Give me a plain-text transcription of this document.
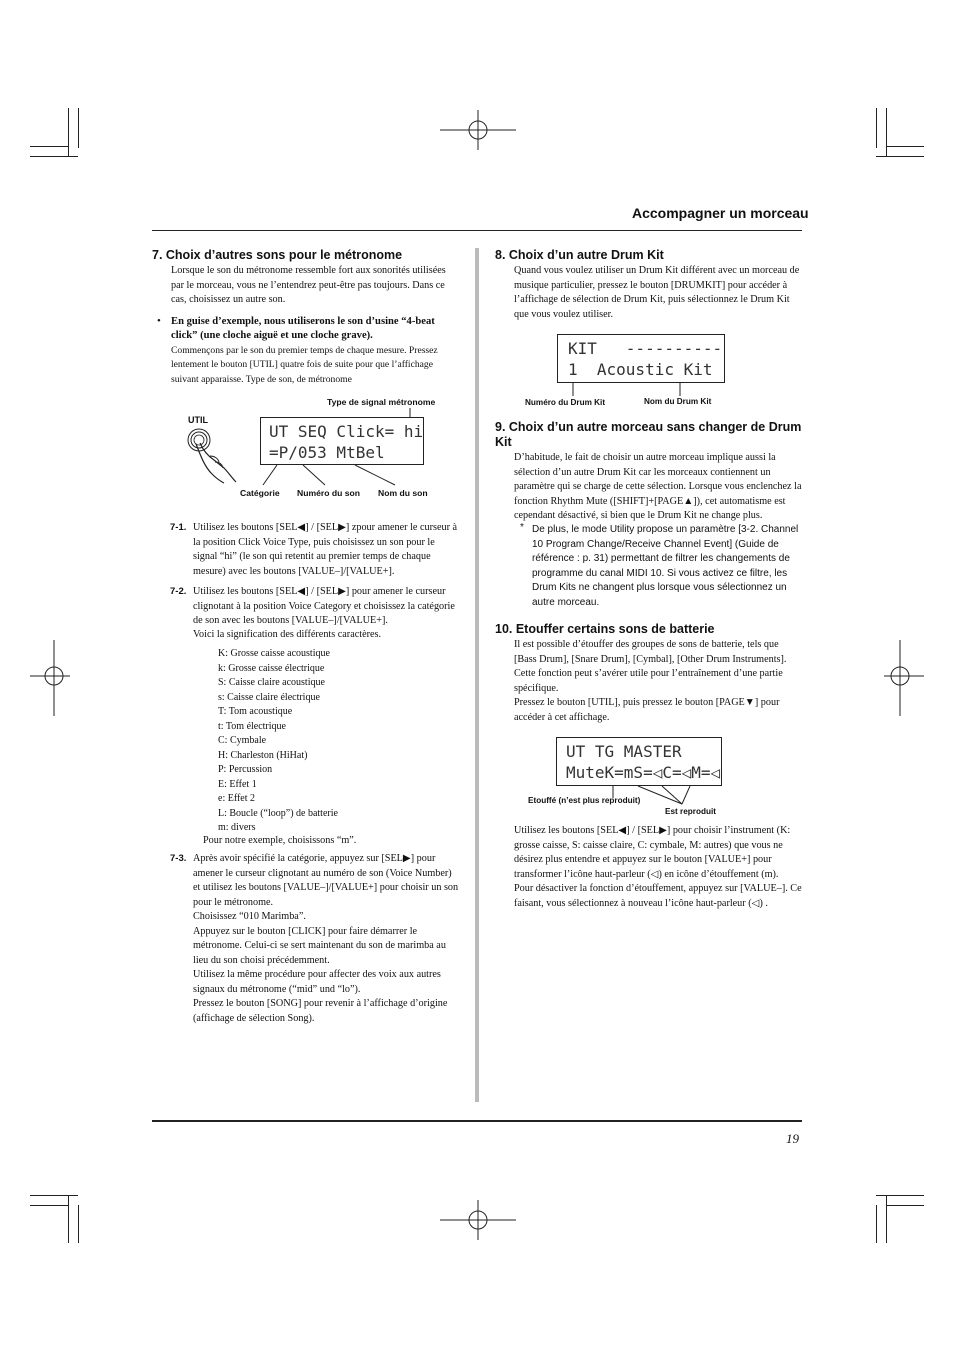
Accompagner un morceau
19

7. Choix d’autres sons pour le métronome

Lorsque le son du métronome ressemble fort aux sonorités utilisées par le morceau, vous ne l’entendrez peut-être pas toujours. Dans ce cas, choisissez un autre son.

• En guise d’exemple, nous utiliserons le son d’usine “4-beat click” (une cloche aiguë et une cloche grave).

Commençons par le son du premier temps de chaque mesure. Pressez lentement le bouton [UTIL] quatre fois de suite pour que l’affichage suivant apparaisse. Type de son, de métronome

Type de signal métronome
UTIL
UT SEQ Click= hi
=P/053 MtBel
Catégorie Numéro du son Nom du son
7-1. Utilisez les boutons [SEL◀] / [SEL▶] zpour amener le curseur à la position Click Voice Type, puis choisissez un son pour le signal “hi” (le son qui retentit au premier temps de chaque mesure) avec les boutons [VALUE–]/[VALUE+].

7-2. Utilisez les boutons [SEL◀] / [SEL▶] pour amener le curseur clignotant à la position Voice Category et choisissez la catégorie de son avec les boutons [VALUE–]/[VALUE+].

Voici la signification des différents caractères.

K: Grosse caisse acoustique
k: Grosse caisse électrique
S: Caisse claire acoustique
s: Caisse claire électrique
T: Tom acoustique
t: Tom électrique
C: Cymbale
H: Charleston (HiHat)
P: Percussion
E: Effet 1
e: Effet 2
L: Boucle (“loop”) de batterie
m: divers

Pour notre exemple, choisissons “m”.

7-3. Après avoir spécifié la catégorie, appuyez sur [SEL▶] pour amener le curseur clignotant au numéro de son (Voice Number) et utilisez les boutons [VALUE–]/[VALUE+] pour choisir un son pour le métronome.

Choisissez “010 Marimba”.

Appuyez sur le bouton [CLICK] pour faire démarrer le métronome. Celui-ci se sert maintenant du son de marimba au lieu du son choisi précédemment.

Utilisez la même procédure pour affecter des voix aux autres signaux du métronome (“mid” und “lo”).

Pressez le bouton [SONG] pour revenir à l’affichage d’origine (affichage de sélection Song).

8. Choix d’un autre Drum Kit

Quand vous voulez utiliser un Drum Kit différent avec un morceau de musique particulier, pressez le bouton [DRUMKIT] pour accéder à l’affichage de sélection de Drum Kit, puis sélectionnez le Drum Kit que vous voulez utiliser.

KIT   ----------
1  Acoustic Kit
Numéro du Drum Kit	Nom du Drum Kit

9. Choix d’un autre morceau sans changer de Drum Kit

D’habitude, le fait de choisir un autre morceau implique aussi la sélection d’un autre Drum Kit car les morceaux contiennent un paramètre qui se charge de cette sélection. Lorsque vous enclenchez la fonction Rhythm Mute ([SHIFT]+[PAGE▲]), cet automatisme est cependant désactivé, si bien que le Drum Kit ne change plus.

* De plus, le mode Utility propose un paramètre [3-2. Channel 10 Program Change/Receive Channel Event] (Guide de référence : p. 31) permettant de filtrer les changements de programme du canal MIDI 10. Si vous activez ce filtre, les Drum Kits ne changent plus lorsque vous sélectionnez un autre morceau.

10. Etouffer certains sons de batterie

Il est possible d’étouffer des groupes de sons de batterie, tels que [Bass Drum], [Snare Drum], [Cymbal], [Other Drum Instruments].

Cette fonction peut s’avérer utile pour l’entraînement d’une partie spécifique.

Pressez le bouton [UTIL], puis pressez le bouton [PAGE▼] pour accéder à cet affichage.

UT TG MASTER
MuteK=mS=◁C=◁M=◁
Etouffé (n’est plus reproduit)
Est reproduit

Utilisez les boutons [SEL◀] / [SEL▶] pour choisir l’instrument (K: grosse caisse, S: caisse claire, C: cymbale, M: autres) que vous ne désirez plus entendre et appuyez sur le bouton [VALUE+] pour transformer l’icône haut-parleur (◁) en icône d’étouffement (m).

Pour désactiver la fonction d’étouffement, appuyez sur [VALUE–]. Ce faisant, vous sélectionnez à nouveau l’icône haut-parleur (◁) .
